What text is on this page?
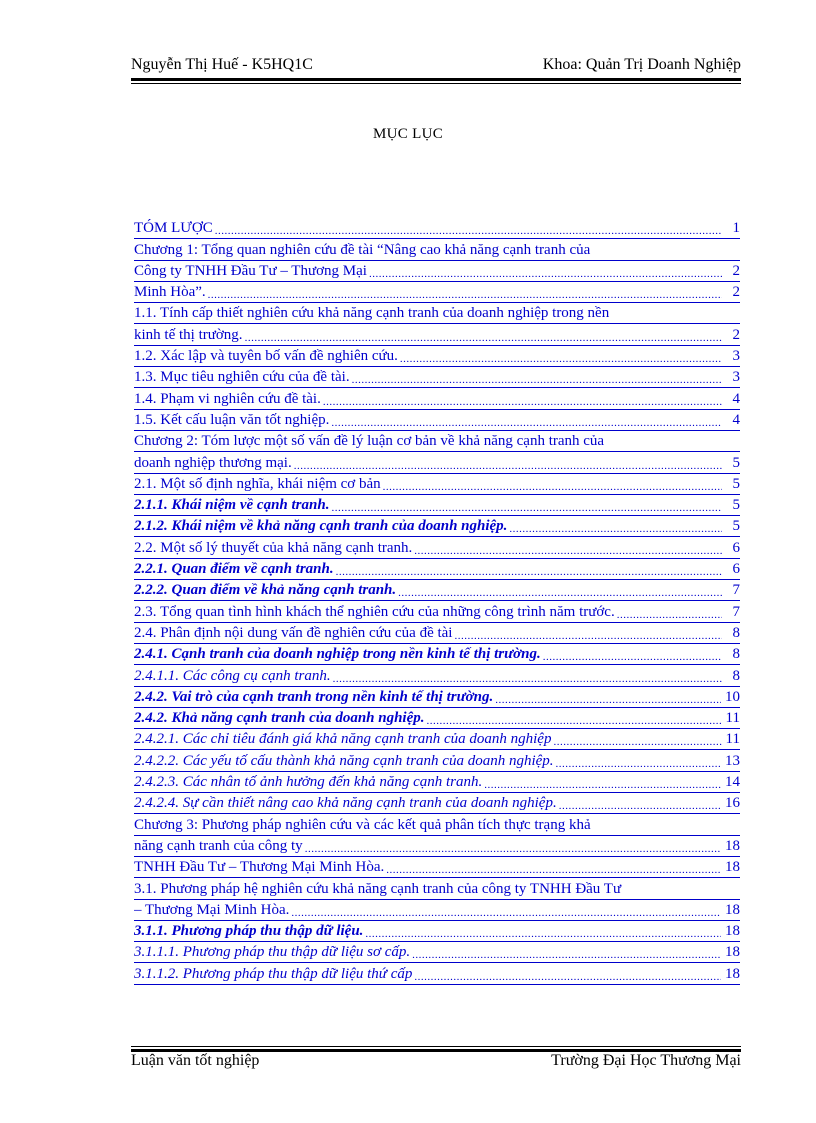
Nguyễn Thị Huế - K5HQ1C	Khoa: Quản Trị Doanh Nghiệp
MỤC LỤC
TÓM LƯỢC .....	1
Chương 1: Tổng quan nghiên cứu đề tài “Nâng cao khả năng cạnh tranh của
Công ty TNHH Đầu Tư – Thương Mại .....	2
Minh Hòa”. .....	2
1.1. Tính cấp thiết nghiên cứu khả năng cạnh tranh của doanh nghiệp trong nền
kinh tế thị trường. .....	2
1.2. Xác lập và tuyên bố vấn đề nghiên cứu. .....	3
1.3. Mục tiêu nghiên cứu của đề tài. .....	3
1.4. Phạm vi nghiên cứu đề tài. .....	4
1.5. Kết cấu luận văn tốt nghiệp. .....	4
Chương 2: Tóm lược một số vấn đề lý luận cơ bản về khả năng cạnh tranh của
doanh nghiệp thương mại. .....	5
2.1. Một số định nghĩa, khái niệm cơ bản .....	5
2.1.1. Khái niệm về cạnh tranh. .....	5
2.1.2. Khái niệm về khả năng cạnh tranh của doanh nghiệp. .....	5
2.2. Một số lý thuyết của khả năng cạnh tranh. .....	6
2.2.1. Quan điểm về cạnh tranh. .....	6
2.2.2. Quan điểm về khả năng cạnh tranh. .....	7
2.3. Tổng quan tình hình khách thể nghiên cứu của những công trình năm trước. .....	7
2.4. Phân định nội dung vấn đề nghiên cứu của đề tài .....	8
2.4.1. Cạnh tranh của doanh nghiệp trong nền kinh tế thị trường. .....	8
2.4.1.1. Các công cụ cạnh tranh. .....	8
2.4.2. Vai trò của cạnh tranh trong nền kinh tế thị trường. .....	10
2.4.2. Khả năng cạnh tranh của doanh nghiệp. .....	11
2.4.2.1. Các chỉ tiêu đánh giá khả năng cạnh tranh của doanh nghiệp .....	11
2.4.2.2. Các yếu tố cấu thành khả năng cạnh tranh của doanh nghiệp. .....	13
2.4.2.3. Các nhân tố ảnh hưởng đến khả năng cạnh tranh. .....	14
2.4.2.4. Sự cần thiết nâng cao khả năng cạnh tranh của doanh nghiệp. .....	16
Chương 3: Phương pháp nghiên cứu và các kết quả phân tích thực trạng khả
năng cạnh tranh của công ty .....	18
TNHH Đầu Tư – Thương Mại Minh Hòa. .....	18
3.1. Phương pháp hệ nghiên cứu khả năng cạnh tranh của công ty TNHH Đầu Tư
– Thương Mại Minh Hòa. .....	18
3.1.1. Phương pháp thu thập dữ liệu. .....	18
3.1.1.1. Phương pháp thu thập dữ liệu sơ cấp. .....	18
3.1.1.2. Phương pháp thu thập dữ liệu thứ cấp .....	18
Luận văn tốt nghiệp	Trường Đại Học Thương Mại
